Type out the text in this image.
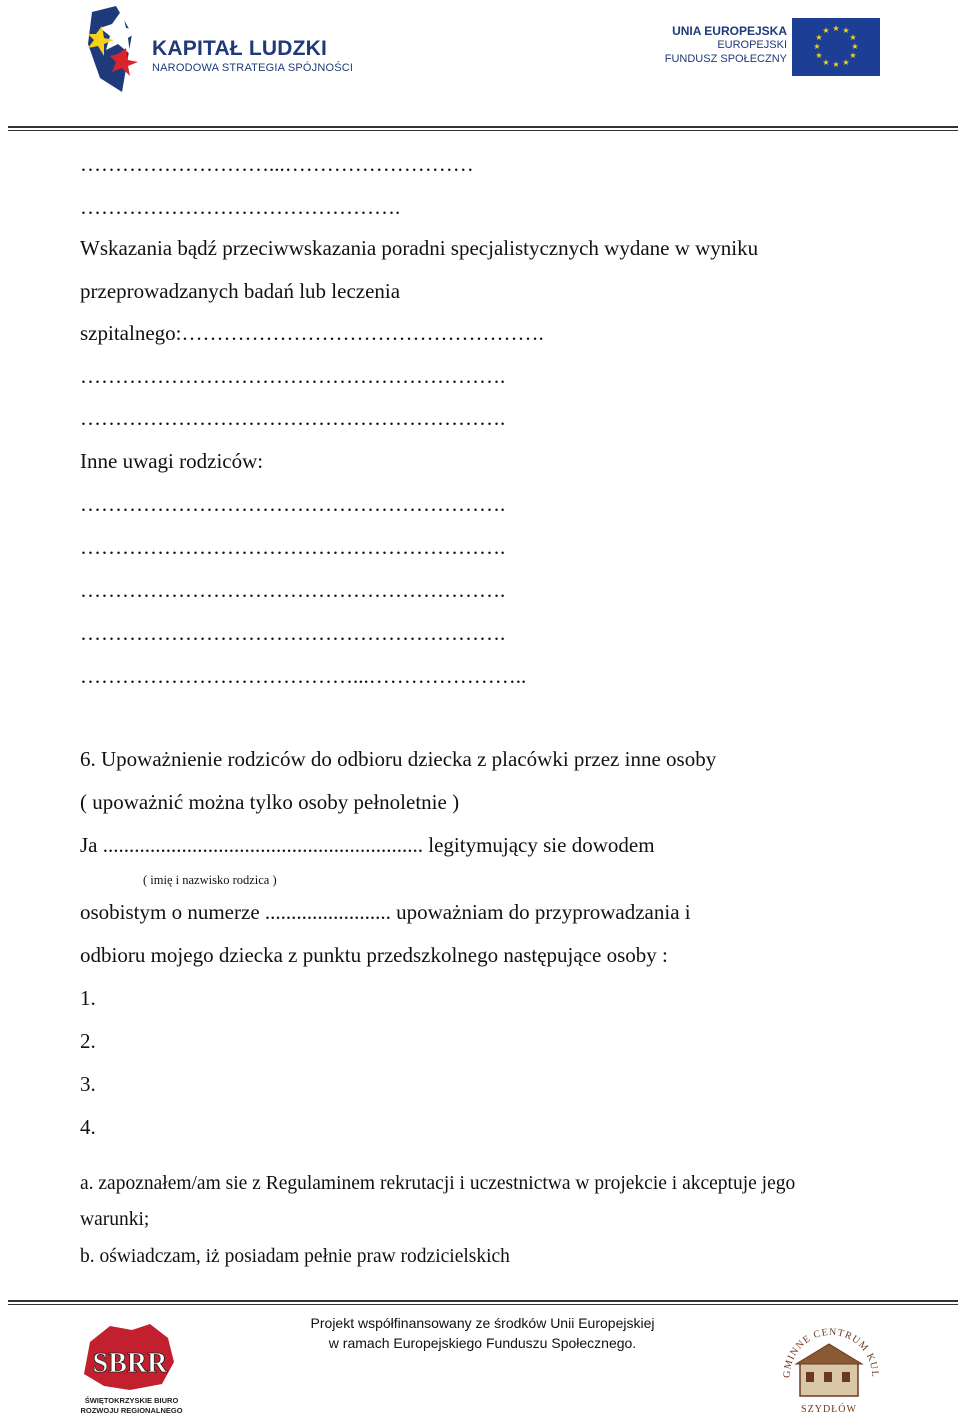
KAPITAŁ LUDZKI
NARODOWA STRATEGIA SPÓJNOŚCI
UNIA EUROPEJSKA
EUROPEJSKI
FUNDUSZ SPOŁECZNY
★ ★
★
★
★
★
★
★
★
★
★
★
………………………...………………………
……………………………………….
Wskazania bądź przeciwwskazania poradni specjalistycznych wydane w wyniku
przeprowadzanych badań lub leczenia
szpitalnego:…………………………………………….
…………………………………………………….
…………………………………………………….
Inne uwagi rodziców:
…………………………………………………….
…………………………………………………….
…………………………………………………….
…………………………………………………….
…………………………………...…………………..
6. Upoważnienie rodziców do odbioru dziecka z placówki przez inne osoby
( upoważnić można tylko osoby pełnoletnie )
Ja ............................................................. legitymujący sie dowodem
( imię i nazwisko rodzica )
osobistym o numerze ........................ upoważniam do przyprowadzania i
odbioru mojego dziecka z punktu przedszkolnego następujące osoby :
1.
2.
3.
4.
a. zapoznałem/am sie z Regulaminem rekrutacji i uczestnictwa w projekcie i akceptuje jego
warunki;
b. oświadczam, iż posiadam pełnie praw rodzicielskich
Projekt współfinansowany ze środków Unii Europejskiej
w ramach Europejskiego Funduszu Społecznego.
SBRR
ŚWIĘTOKRZYSKIE BIURO
ROZWOJU REGIONALNEGO
GMINNE CENTRUM KUL
SZYDŁÓW
